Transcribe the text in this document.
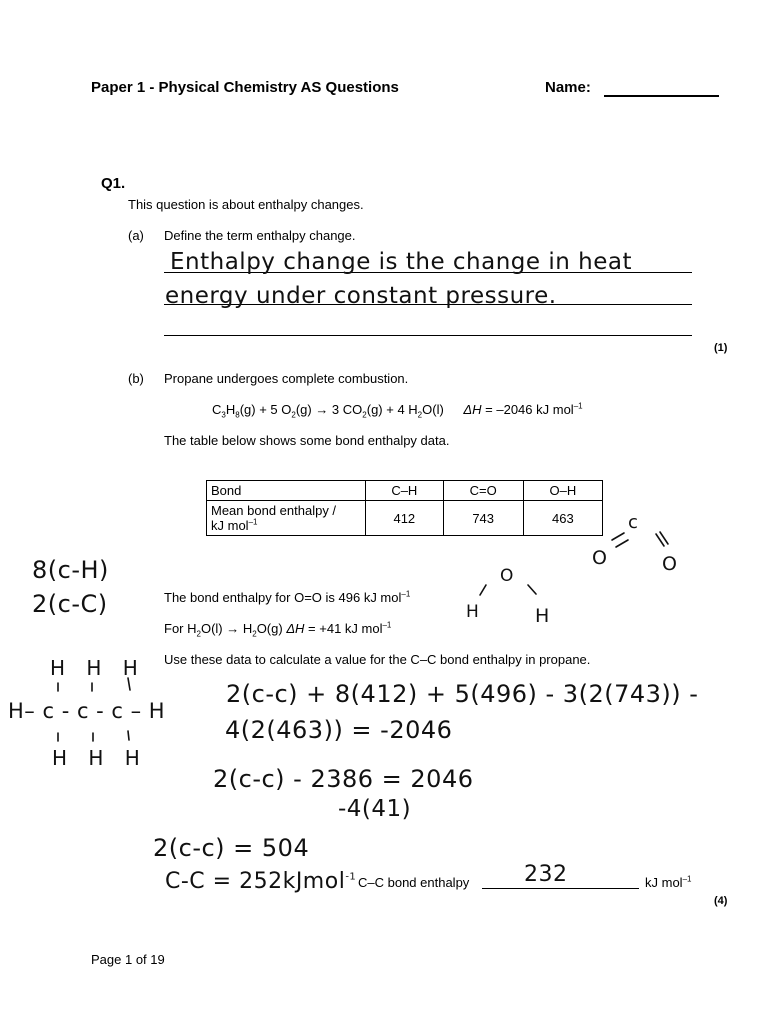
Paper 1 - Physical Chemistry AS Questions	Name:
Q1.
This question is about enthalpy changes.
(a) Define the term enthalpy change.
Enthalpy change is the change in heat
energy under constant pressure.
(1)
(b) Propane undergoes complete combustion.
$C_3H_8(g) + 5$ $O_2(g) \to 3$ $CO_2(g) + 4$ $H_2O(l) \Delta H = -2046$ kJ mol$^{-1}$
The table below shows some bond enthalpy data.
Bond	C–H	C=O	O–H
Mean bond enthalpy /
kJ mol$^{-1}$	412	743	463
The bond enthalpy for O=O is 496 kJ mol$^{-1}$
For $H_2O(l) \to H_2O(g) \Delta H = +41$ kJ mol$^{-1}$
Use these data to calculate a value for the C–C bond enthalpy in propane.
8(c-H)
2(c-C)
O
H	H
c
O	O
H H H
H– c - c - c – H
H H H
2(c-c) + 8(412) + 5(496) - 3(2(743)) -
4(2(463)) = -2046
2(c-c) - 2386 = 2046
-4(41)
2(c-c) = 504
C-C = 252kJmol$^{-1}$ C–C bond enthalpy 232	kJ mol$^{-1}$
(4)
Page 1 of 19
